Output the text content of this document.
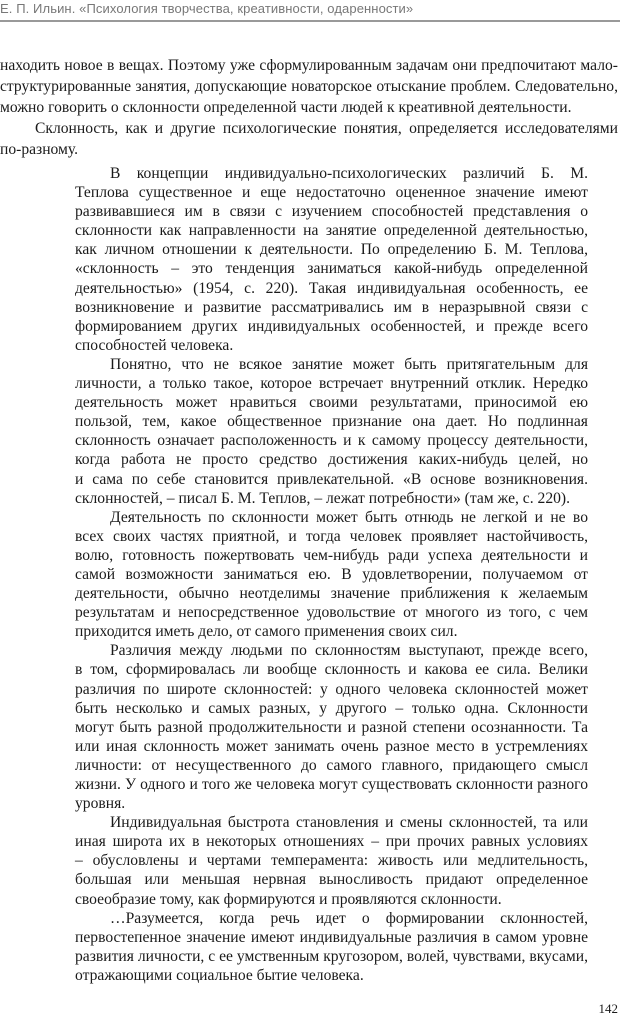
Е. П. Ильин. «Психология творчества, креативности, одаренности»
находить новое в вещах. Поэтому уже сформулированным задачам они предпочитают мало-
структурированные занятия, допускающие новаторское отыскание проблем. Следовательно,
можно говорить о склонности определенной части людей к креативной деятельности.
Склонность, как и другие психологические понятия, определяется исследователями
по-разному.
В концепции индивидуально-психологических различий Б. М.
Теплова существенное и еще недостаточно оцененное значение имеют
развивавшиеся им в связи с изучением способностей представления о
склонности как направленности на занятие определенной деятельностью,
как личном отношении к деятельности. По определению Б. М. Теплова,
«склонность – это тенденция заниматься какой-нибудь определенной
деятельностью» (1954, с. 220). Такая индивидуальная особенность, ее
возникновение и развитие рассматривались им в неразрывной связи с
формированием других индивидуальных особенностей, и прежде всего
способностей человека.
Понятно, что не всякое занятие может быть притягательным для
личности, а только такое, которое встречает внутренний отклик. Нередко
деятельность может нравиться своими результатами, приносимой ею
пользой, тем, какое общественное признание она дает. Но подлинная
склонность означает расположенность и к самому процессу деятельности,
когда работа не просто средство достижения каких-нибудь целей, но
и сама по себе становится привлекательной. «В основе возникновения.
склонностей, – писал Б. М. Теплов, – лежат потребности» (там же, с. 220).
Деятельность по склонности может быть отнюдь не легкой и не во
всех своих частях приятной, и тогда человек проявляет настойчивость,
волю, готовность пожертвовать чем-нибудь ради успеха деятельности и
самой возможности заниматься ею. В удовлетворении, получаемом от
деятельности, обычно неотделимы значение приближения к желаемым
результатам и непосредственное удовольствие от многого из того, с чем
приходится иметь дело, от самого применения своих сил.
Различия между людьми по склонностям выступают, прежде всего,
в том, сформировалась ли вообще склонность и какова ее сила. Велики
различия по широте склонностей: у одного человека склонностей может
быть несколько и самых разных, у другого – только одна. Склонности
могут быть разной продолжительности и разной степени осознанности. Та
или иная склонность может занимать очень разное место в устремлениях
личности: от несущественного до самого главного, придающего смысл
жизни. У одного и того же человека могут существовать склонности разного
уровня.
Индивидуальная быстрота становления и смены склонностей, та или
иная широта их в некоторых отношениях – при прочих равных условиях
– обусловлены и чертами темперамента: живость или медлительность,
большая или меньшая нервная выносливость придают определенное
своеобразие тому, как формируются и проявляются склонности.
…Разумеется, когда речь идет о формировании склонностей,
первостепенное значение имеют индивидуальные различия в самом уровне
развития личности, с ее умственным кругозором, волей, чувствами, вкусами,
отражающими социальное бытие человека.
142
